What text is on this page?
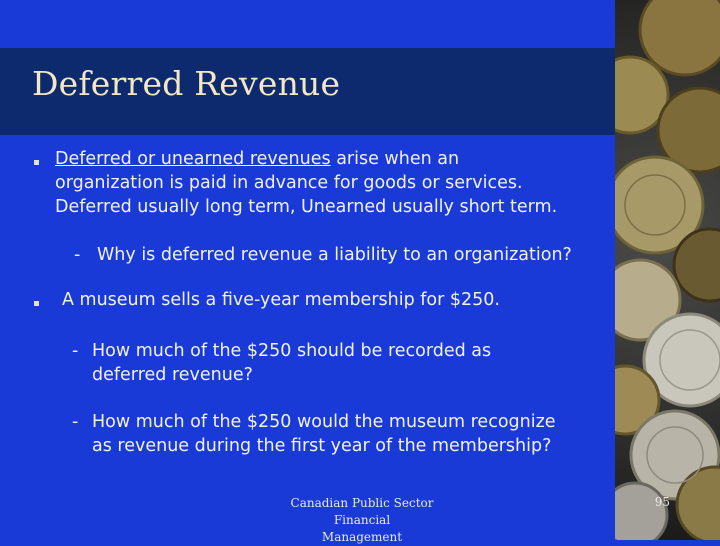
Deferred Revenue

Deferred or unearned revenues arise when an

organization is paid in advance for goods or services.

Deferred usually long term, Unearned usually short term.

- Why is deferred revenue a liability to an organization?

A museum sells a five-year membership for $250.

- How much of the $250 should be recorded as

deferred revenue?

- How much of the $250 would the museum recognize

as revenue during the first year of the membership?

Canadian Public Sector Financial
Management
95
